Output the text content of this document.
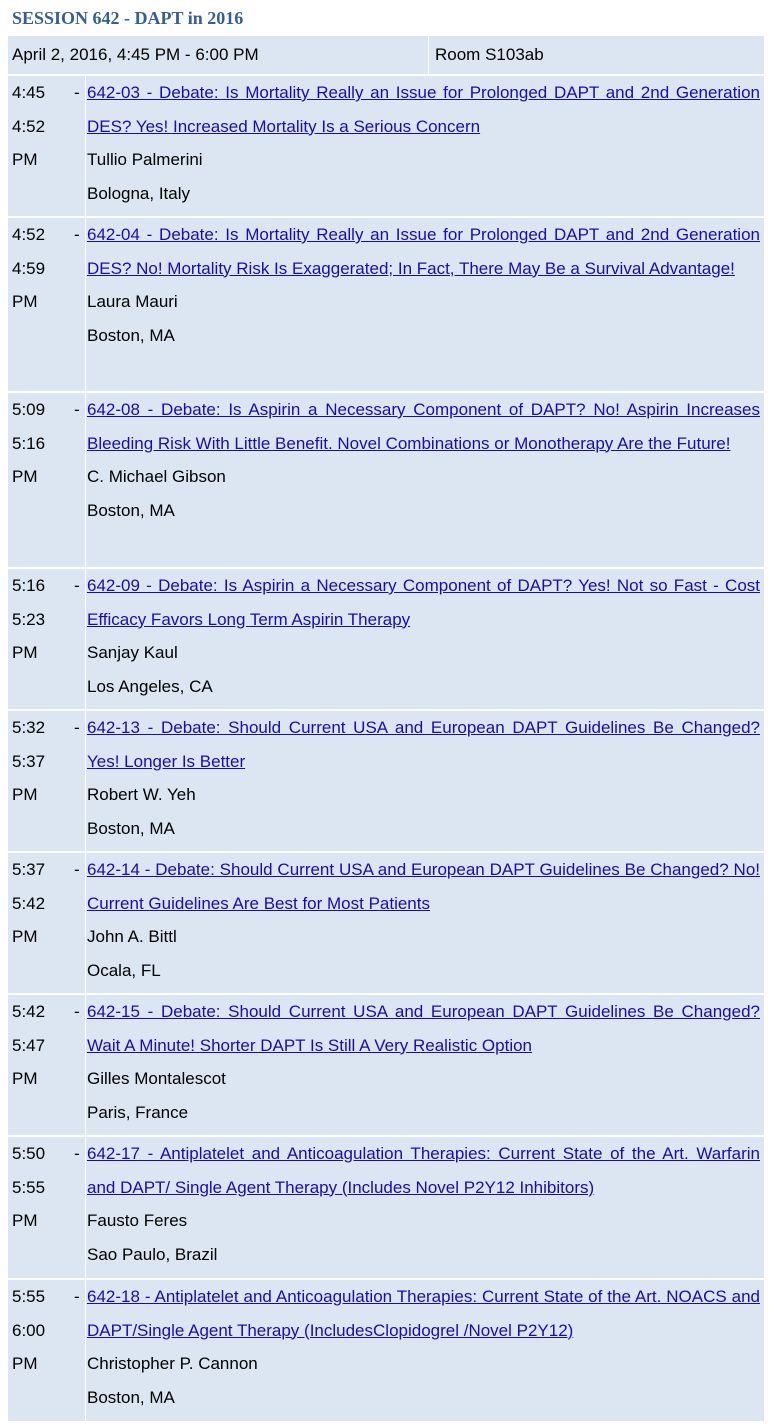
SESSION 642 - DAPT in 2016
April 2, 2016, 4:45 PM - 6:00 PM	Room S103ab
4:45
4:52
PM
- 642-03 - Debate: Is Mortality Really an Issue for Prolonged DAPT and 2nd Generation DES? Yes! Increased Mortality Is a Serious Concern
Tullio Palmerini
Bologna, Italy
4:52
4:59
PM
- 642-04 - Debate: Is Mortality Really an Issue for Prolonged DAPT and 2nd Generation DES? No! Mortality Risk Is Exaggerated; In Fact, There May Be a Survival Advantage!
Laura Mauri
Boston, MA
5:09
5:16
PM
- 642-08 - Debate: Is Aspirin a Necessary Component of DAPT? No! Aspirin Increases Bleeding Risk With Little Benefit. Novel Combinations or Monotherapy Are the Future!
C. Michael Gibson
Boston, MA
5:16
5:23
PM
- 642-09 - Debate: Is Aspirin a Necessary Component of DAPT? Yes! Not so Fast - Cost Efficacy Favors Long Term Aspirin Therapy
Sanjay Kaul
Los Angeles, CA
5:32
5:37
PM
- 642-13 - Debate: Should Current USA and European DAPT Guidelines Be Changed? Yes! Longer Is Better
Robert W. Yeh
Boston, MA
5:37
5:42
PM
- 642-14 - Debate: Should Current USA and European DAPT Guidelines Be Changed? No! Current Guidelines Are Best for Most Patients
John A. Bittl
Ocala, FL
5:42
5:47
PM
- 642-15 - Debate: Should Current USA and European DAPT Guidelines Be Changed? Wait A Minute! Shorter DAPT Is Still A Very Realistic Option
Gilles Montalescot
Paris, France
5:50
5:55
PM
- 642-17 - Antiplatelet and Anticoagulation Therapies: Current State of the Art. Warfarin and DAPT/ Single Agent Therapy (Includes Novel P2Y12 Inhibitors)
Fausto Feres
Sao Paulo, Brazil
5:55
6:00
PM
- 642-18 - Antiplatelet and Anticoagulation Therapies: Current State of the Art. NOACS and DAPT/Single Agent Therapy (IncludesClopidogrel /Novel P2Y12)
Christopher P. Cannon
Boston, MA
